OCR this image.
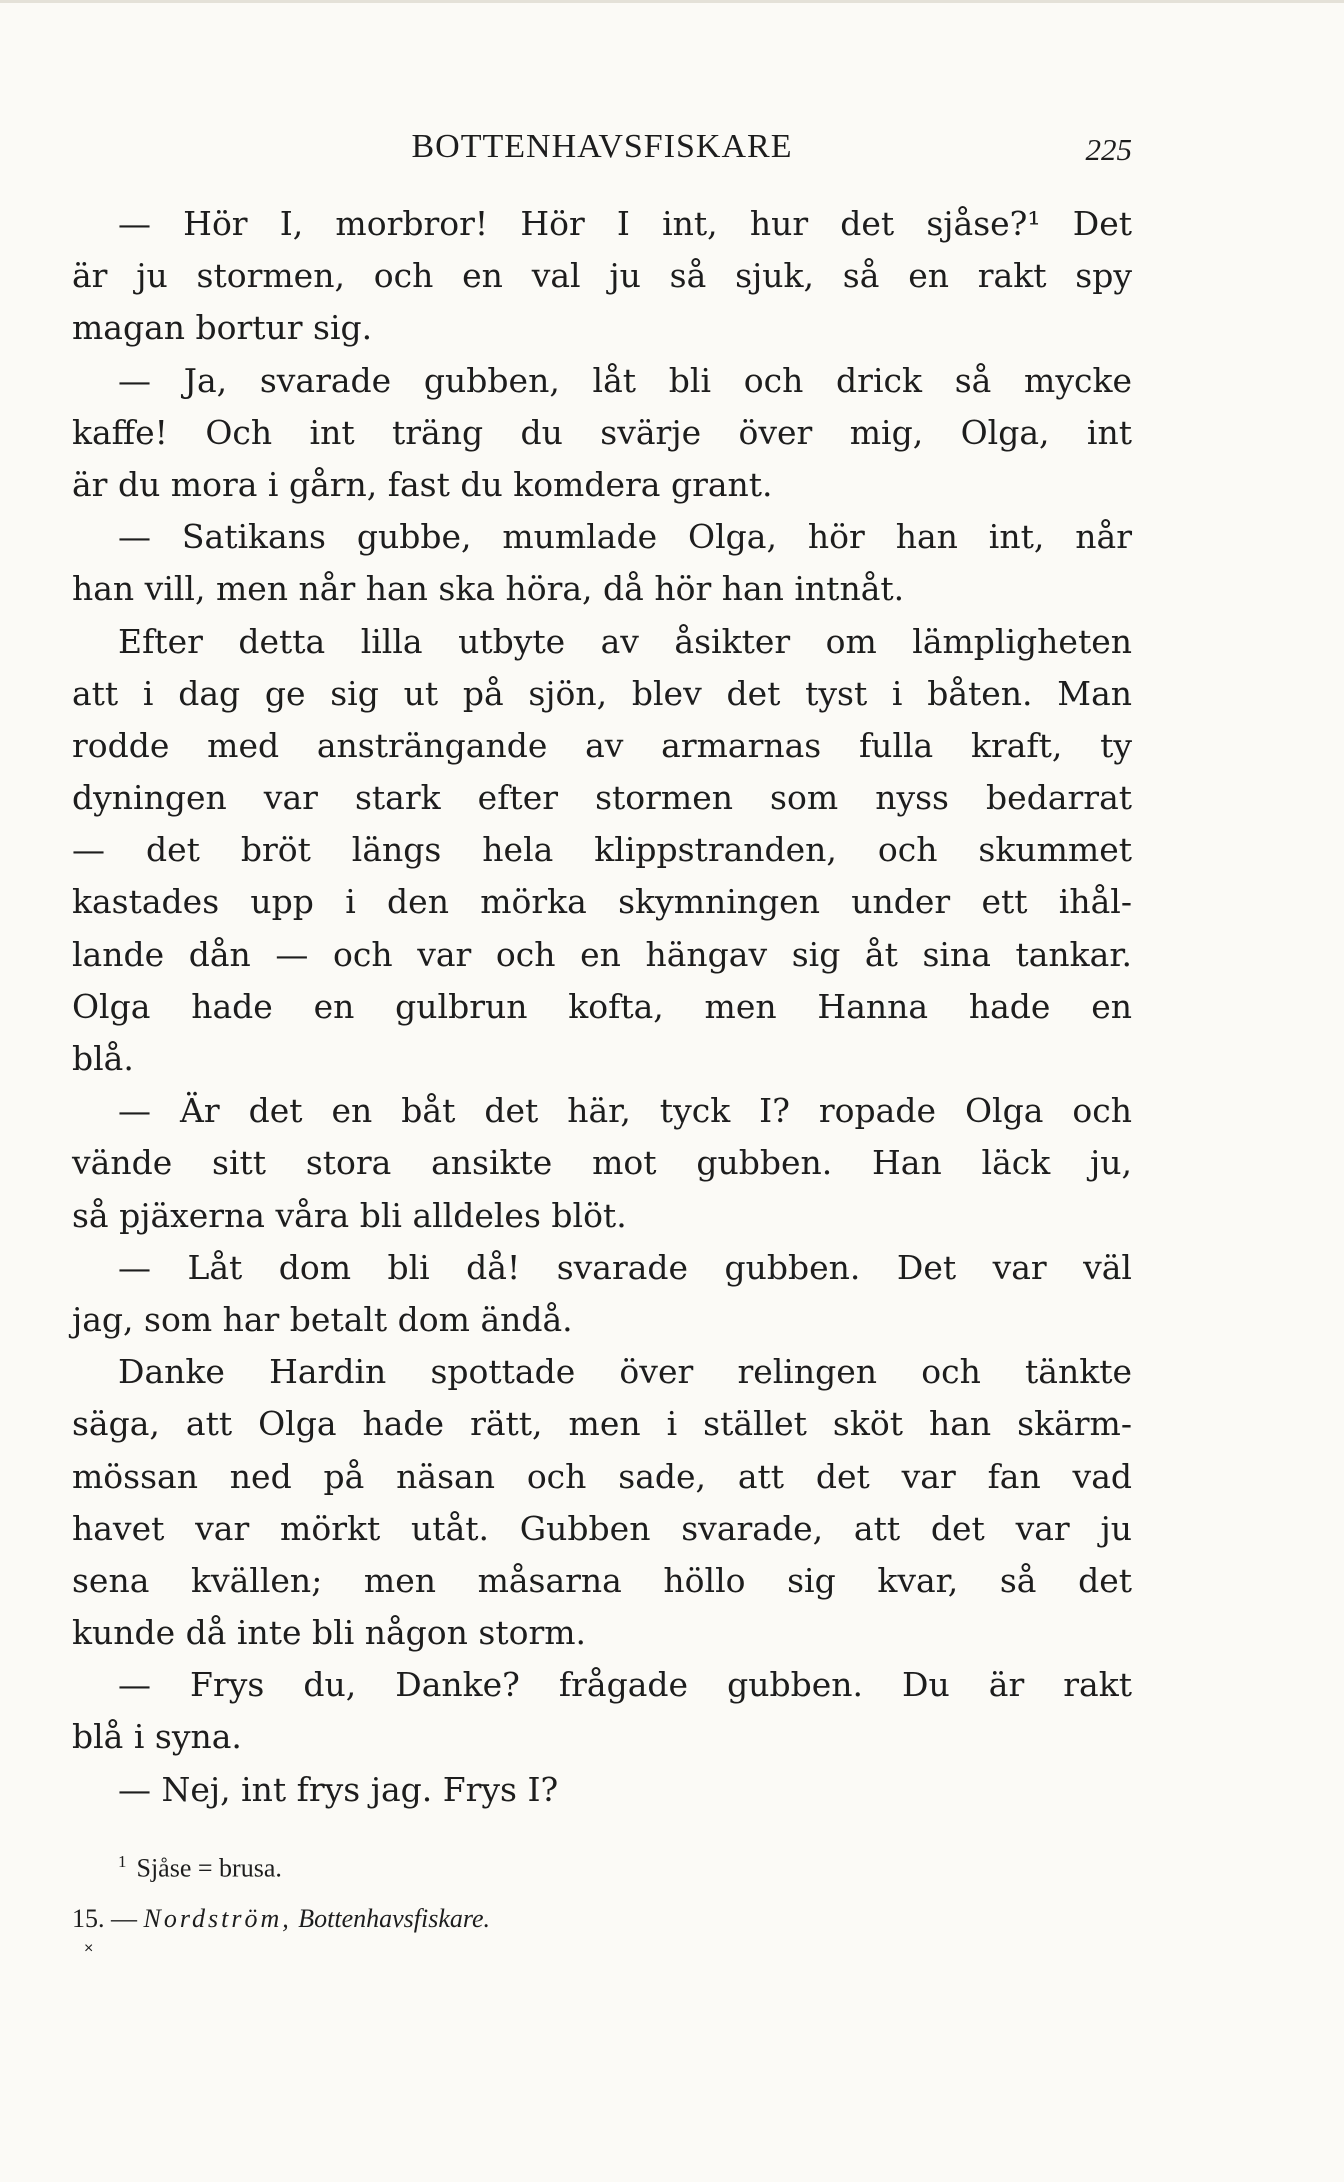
BOTTENHAVSFISKARE	225
— Hör I, morbror! Hör I int, hur det sjåse?¹ Det
är ju stormen, och en val ju så sjuk, så en rakt spy
magan bortur sig.
— Ja, svarade gubben, låt bli och drick så mycke
kaffe! Och int träng du svärje över mig, Olga, int
är du mora i gårn, fast du komdera grant.
— Satikans gubbe, mumlade Olga, hör han int, når
han vill, men når han ska höra, då hör han intnåt.
Efter detta lilla utbyte av åsikter om lämpligheten
att i dag ge sig ut på sjön, blev det tyst i båten. Man
rodde med ansträngande av armarnas fulla kraft, ty
dyningen var stark efter stormen som nyss bedarrat
— det bröt längs hela klippstranden, och skummet
kastades upp i den mörka skymningen under ett ihål-
lande dån — och var och en hängav sig åt sina tankar.
Olga hade en gulbrun kofta, men Hanna hade en
blå.
— Är det en båt det här, tyck I? ropade Olga och
vände sitt stora ansikte mot gubben. Han läck ju,
så pjäxerna våra bli alldeles blöt.
— Låt dom bli då! svarade gubben. Det var väl
jag, som har betalt dom ändå.
Danke Hardin spottade över relingen och tänkte
säga, att Olga hade rätt, men i stället sköt han skärm-
mössan ned på näsan och sade, att det var fan vad
havet var mörkt utåt. Gubben svarade, att det var ju
sena kvällen; men måsarna höllo sig kvar, så det
kunde då inte bli någon storm.
— Frys du, Danke? frågade gubben. Du är rakt
blå i syna.
— Nej, int frys jag. Frys I?
$^1$ Sjåse = brusa.
15. — Nordström, Bottenhavsfiskare.
×
